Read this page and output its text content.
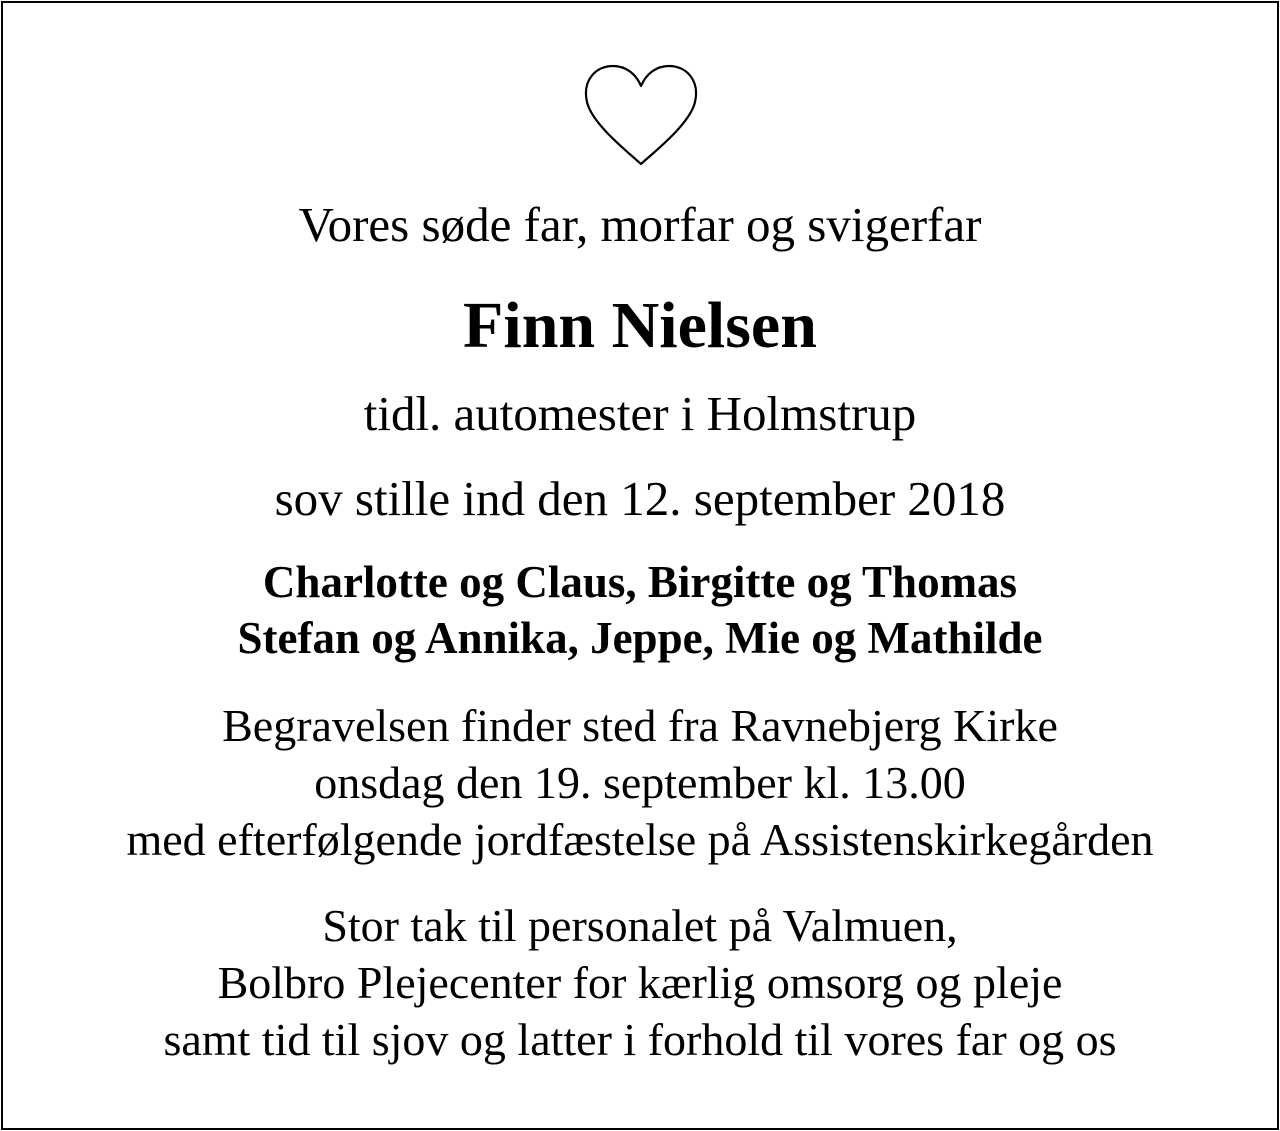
Vores søde far, morfar og svigerfar
Finn Nielsen
tidl. automester i Holmstrup
sov stille ind den 12. september 2018
Charlotte og Claus, Birgitte og Thomas
Stefan og Annika, Jeppe, Mie og Mathilde
Begravelsen finder sted fra Ravnebjerg Kirke
onsdag den 19. september kl. 13.00
med efterfølgende jordfæstelse på Assistenskirkegården
Stor tak til personalet på Valmuen,
Bolbro Plejecenter for kærlig omsorg og pleje
samt tid til sjov og latter i forhold til vores far og os
